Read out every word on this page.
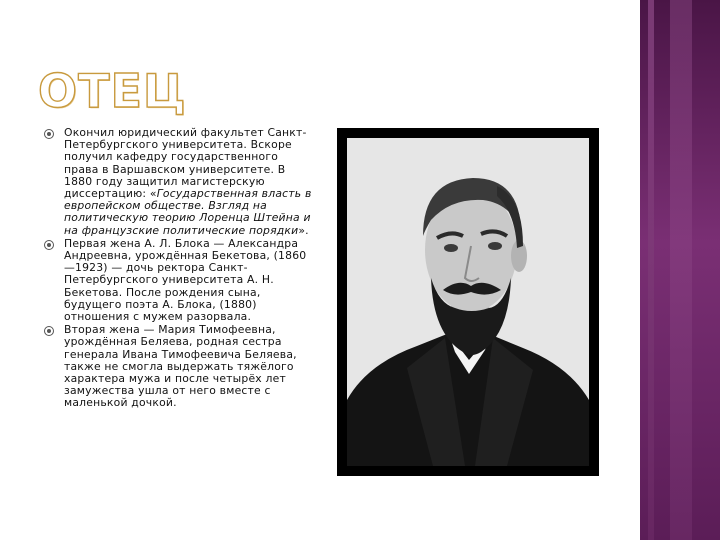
ОТЕЦ
Окончил юридический факультет Санкт-Петербургского университета. Вскоре получил кафедру государственного права в Варшавском университете. В 1880 году защитил магистерскую диссертацию: «Государственная власть в европейском обществе. Взгляд на политическую теорию Лоренца Штейна и на французские политические порядки».
Первая жена А. Л. Блока — Александра Андреевна, урождённая Бекетова, (1860—1923) — дочь ректора Санкт-Петербургского университета А. Н. Бекетова. После рождения сына, будущего поэта А. Блока, (1880) отношения с мужем разорвала.
Вторая жена — Мария Тимофеевна, урождённая Беляева, родная сестра генерала Ивана Тимофеевича Беляева, также не смогла выдержать тяжёлого характера мужа и после четырёх лет замужества ушла от него вместе с маленькой дочкой.
